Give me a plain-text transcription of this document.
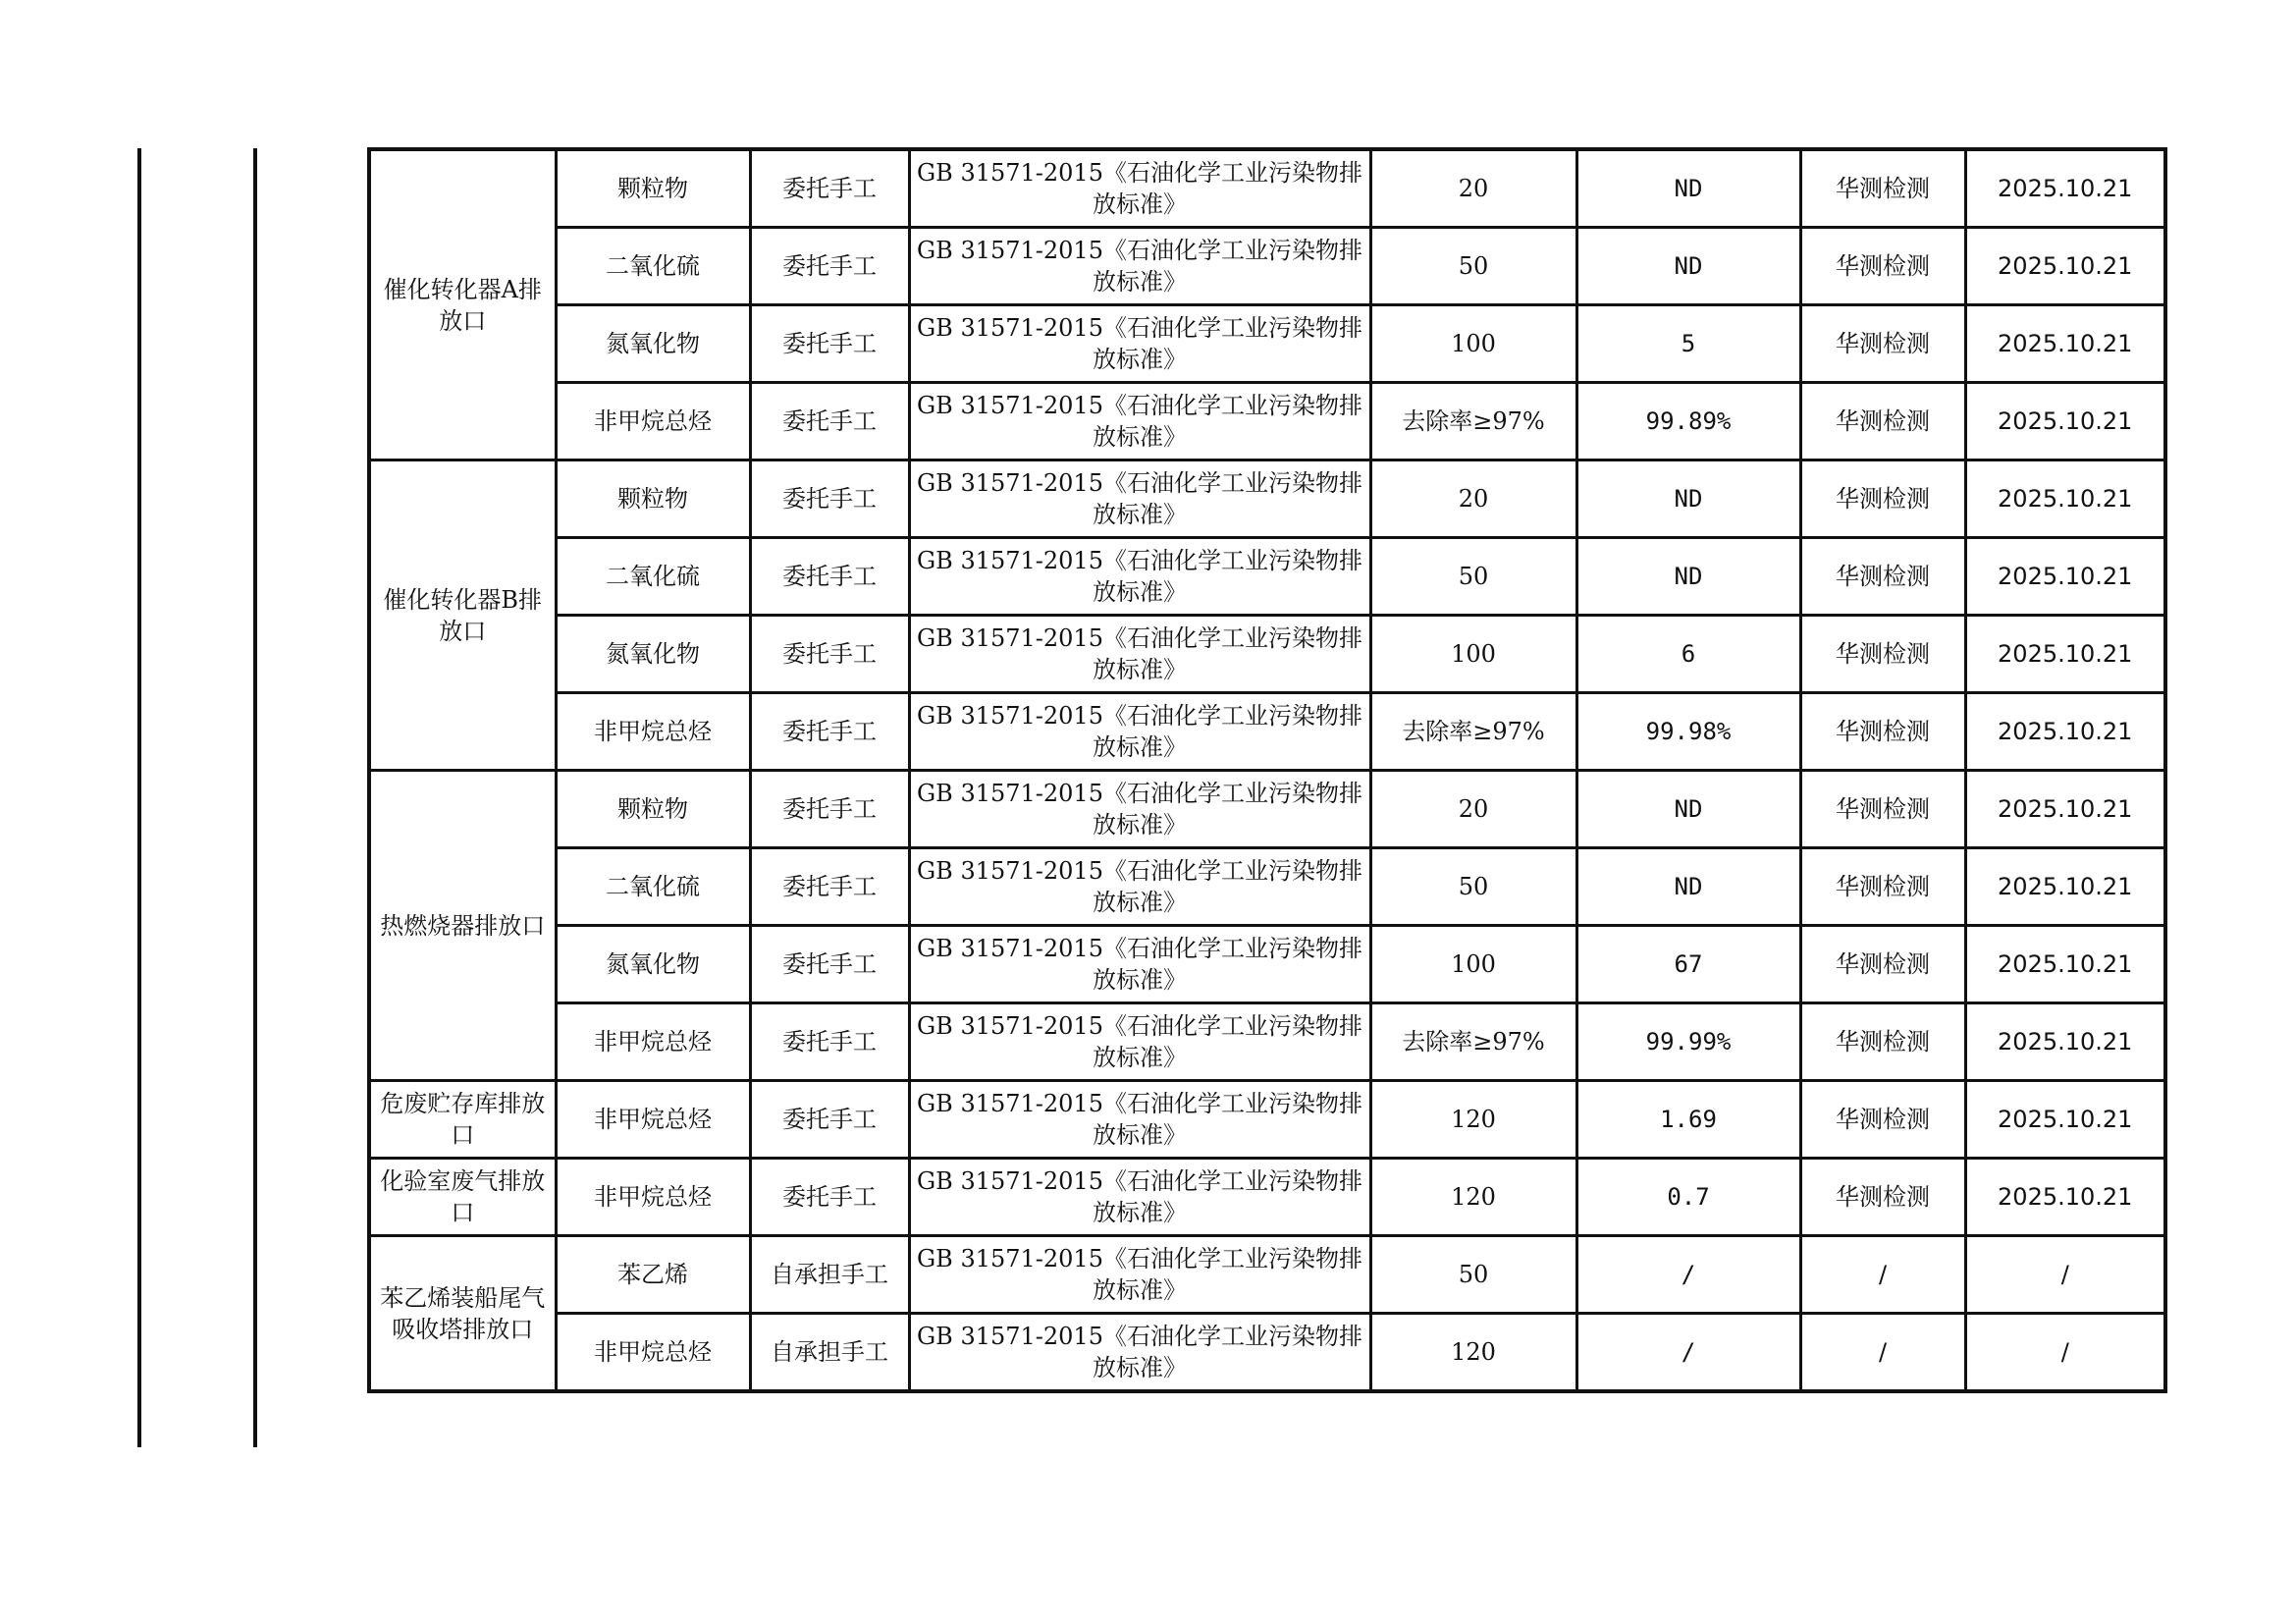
催化转化器A排放口	颗粒物	委托手工	GB 31571-2015《石油化学工业污染物排放标准》	20	ND	华测检测	2025.10.21
	二氧化硫	委托手工	GB 31571-2015《石油化学工业污染物排放标准》	50	ND	华测检测	2025.10.21
	氮氧化物	委托手工	GB 31571-2015《石油化学工业污染物排放标准》	100	5	华测检测	2025.10.21
	非甲烷总烃	委托手工	GB 31571-2015《石油化学工业污染物排放标准》	去除率≥97%	99.89%	华测检测	2025.10.21
催化转化器B排放口	颗粒物	委托手工	GB 31571-2015《石油化学工业污染物排放标准》	20	ND	华测检测	2025.10.21
	二氧化硫	委托手工	GB 31571-2015《石油化学工业污染物排放标准》	50	ND	华测检测	2025.10.21
	氮氧化物	委托手工	GB 31571-2015《石油化学工业污染物排放标准》	100	6	华测检测	2025.10.21
	非甲烷总烃	委托手工	GB 31571-2015《石油化学工业污染物排放标准》	去除率≥97%	99.98%	华测检测	2025.10.21
热燃烧器排放口	颗粒物	委托手工	GB 31571-2015《石油化学工业污染物排放标准》	20	ND	华测检测	2025.10.21
	二氧化硫	委托手工	GB 31571-2015《石油化学工业污染物排放标准》	50	ND	华测检测	2025.10.21
	氮氧化物	委托手工	GB 31571-2015《石油化学工业污染物排放标准》	100	67	华测检测	2025.10.21
	非甲烷总烃	委托手工	GB 31571-2015《石油化学工业污染物排放标准》	去除率≥97%	99.99%	华测检测	2025.10.21
危废贮存库排放口	非甲烷总烃	委托手工	GB 31571-2015《石油化学工业污染物排放标准》	120	1.69	华测检测	2025.10.21
化验室废气排放口	非甲烷总烃	委托手工	GB 31571-2015《石油化学工业污染物排放标准》	120	0.7	华测检测	2025.10.21
苯乙烯装船尾气吸收塔排放口	苯乙烯	自承担手工	GB 31571-2015《石油化学工业污染物排放标准》	50	/	/	/
	非甲烷总烃	自承担手工	GB 31571-2015《石油化学工业污染物排放标准》	120	/	/	/
